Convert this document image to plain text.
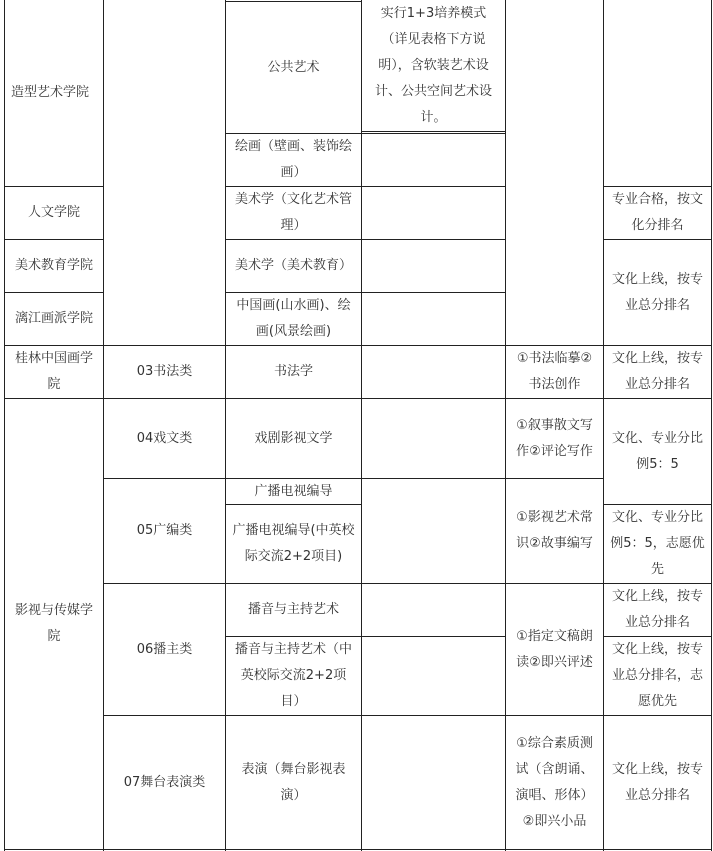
造型艺术学院
人文学院
美术教育学院
漓江画派学院
桂林中国画学院
影视与传媒学院
03书法类
04戏文类
05广编类
06播主类
07舞台表演类
公共艺术
绘画（壁画、装饰绘画）
美术学（文化艺术管理）
美术学（美术教育）
中国画(山水画)、绘画(风景绘画)
书法学
戏剧影视文学
广播电视编导
广播电视编导(中英校际交流2+2项目)
播音与主持艺术
播音与主持艺术（中英校际交流2+2项目）
表演（舞台影视表演）
实行1+3培养模式（详见表格下方说明），含软装艺术设计、公共空间艺术设计。
①书法临摹②书法创作
①叙事散文写作②评论写作
①影视艺术常识②故事编写
①指定文稿朗读②即兴评述
①综合素质测试（含朗诵、演唱、形体）②即兴小品
专业合格，按文化分排名
文化上线，按专业总分排名
文化上线，按专业总分排名
文化、专业分比例5：5
文化、专业分比例5：5，志愿优先
文化上线，按专业总分排名
文化上线，按专业总分排名，志愿优先
文化上线，按专业总分排名
